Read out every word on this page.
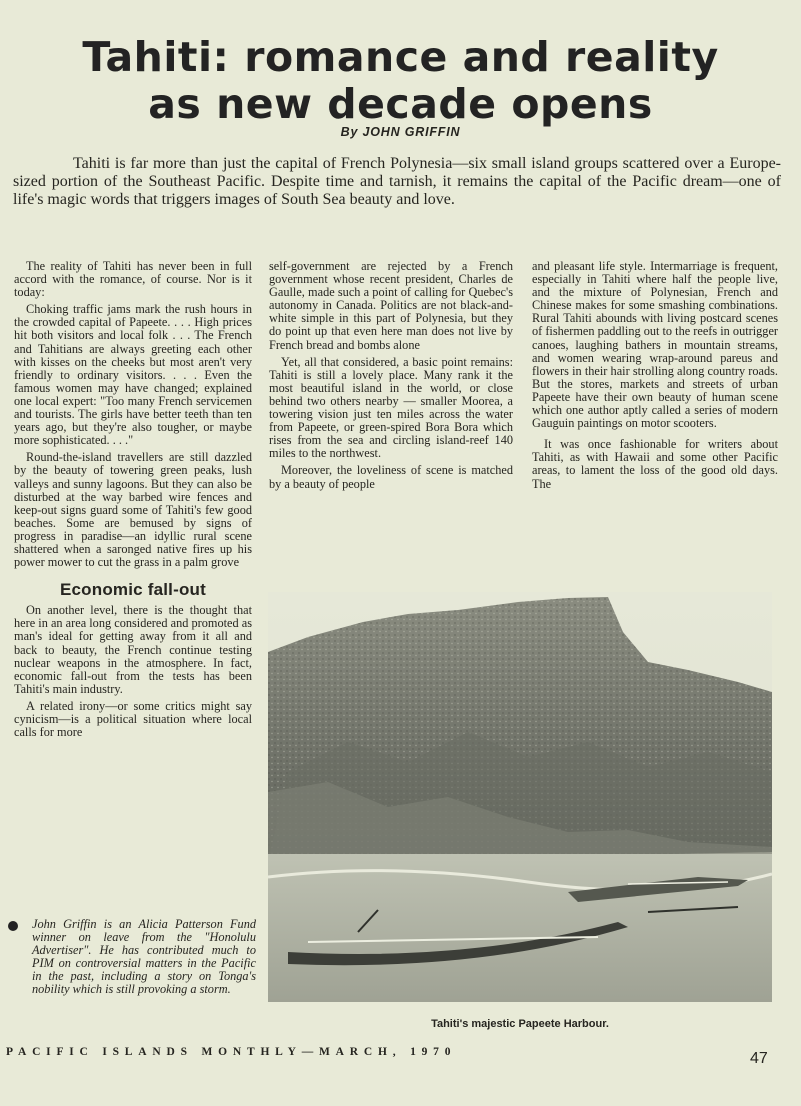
Tahiti: romance and reality
as new decade opens
By JOHN GRIFFIN

Tahiti is far more than just the capital of French Polynesia—six small island groups scattered over a Europe-sized portion of the Southeast Pacific. Despite time and tarnish, it remains the capital of the Pacific dream—one of life's magic words that triggers images of South Sea beauty and love.

The reality of Tahiti has never been in full accord with the romance, of course. Nor is it today:

Choking traffic jams mark the rush hours in the crowded capital of Papeete. . . . High prices hit both visitors and local folk . . . The French and Tahitians are always greeting each other with kisses on the cheeks but most aren't very friendly to ordinary visitors. . . . Even the famous women may have changed; explained one local expert: "Too many French servicemen and tourists. The girls have better teeth than ten years ago, but they're also tougher, or maybe more sophisticated. . . ."

Round-the-island travellers are still dazzled by the beauty of towering green peaks, lush valleys and sunny lagoons. But they can also be disturbed at the way barbed wire fences and keep-out signs guard some of Tahiti's few good beaches. Some are bemused by signs of progress in paradise—an idyllic rural scene shattered when a saronged native fires up his power mower to cut the grass in a palm grove

Economic fall-out

On another level, there is the thought that here in an area long considered and promoted as man's ideal for getting away from it all and back to beauty, the French continue testing nuclear weapons in the atmosphere. In fact, economic fall-out from the tests has been Tahiti's main industry.

A related irony—or some critics might say cynicism—is a political situation where local calls for more

John Griffin is an Alicia Patterson Fund winner on leave from the "Honolulu Advertiser". He has contributed much to PIM on controversial matters in the Pacific in the past, including a story on Tonga's nobility which is still provoking a storm.

self-government are rejected by a French government whose recent president, Charles de Gaulle, made such a point of calling for Quebec's autonomy in Canada. Politics are not black-and-white simple in this part of Polynesia, but they do point up that even here man does not live by French bread and bombs alone

Yet, all that considered, a basic point remains: Tahiti is still a lovely place. Many rank it the most beautiful island in the world, or close behind two others nearby — smaller Moorea, a towering vision just ten miles across the water from Papeete, or green-spired Bora Bora which rises from the sea and circling island-reef 140 miles to the northwest.

Moreover, the loveliness of scene is matched by a beauty of people

and pleasant life style. Intermarriage is frequent, especially in Tahiti where half the people live, and the mixture of Polynesian, French and Chinese makes for some smashing combinations. Rural Tahiti abounds with living postcard scenes of fishermen paddling out to the reefs in outrigger canoes, laughing bathers in mountain streams, and women wearing wrap-around pareus and flowers in their hair strolling along country roads. But the stores, markets and streets of urban Papeete have their own beauty of human scene which one author aptly called a series of modern Gauguin paintings on motor scooters.

It was once fashionable for writers about Tahiti, as with Hawaii and some other Pacific areas, to lament the loss of the good old days. The

Tahiti's majestic Papeete Harbour.
PACIFIC ISLANDS MONTHLY—MARCH, 1970	47
